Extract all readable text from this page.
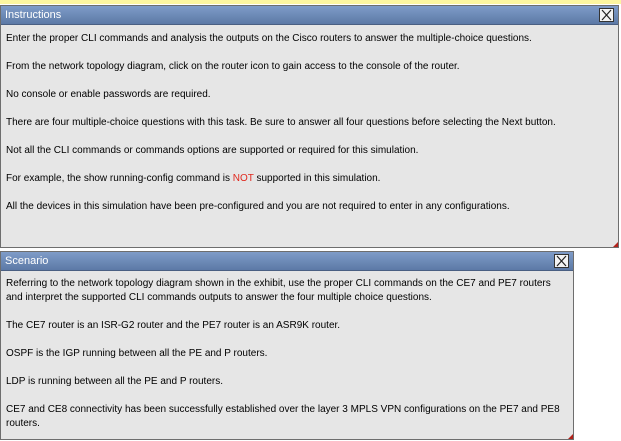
Instructions

Enter the proper CLI commands and analysis the outputs on the Cisco routers to answer the multiple-choice questions.

From the network topology diagram, click on the router icon to gain access to the console of the router.

No console or enable passwords are required.

There are four multiple-choice questions with this task. Be sure to answer all four questions before selecting the Next button.

Not all the CLI commands or commands options are supported or required for this simulation.

For example, the show running-config command is NOT supported in this simulation.

All the devices in this simulation have been pre-configured and you are not required to enter in any configurations.

Scenario

Referring to the network topology diagram shown in the exhibit, use the proper CLI commands on the CE7 and PE7 routers and interpret the supported CLI commands outputs to answer the four multiple choice questions.

The CE7 router is an ISR-G2 router and the PE7 router is an ASR9K router.

OSPF is the IGP running between all the PE and P routers.

LDP is running between all the PE and P routers.

CE7 and CE8 connectivity has been successfully established over the layer 3 MPLS VPN configurations on the PE7 and PE8 routers.
